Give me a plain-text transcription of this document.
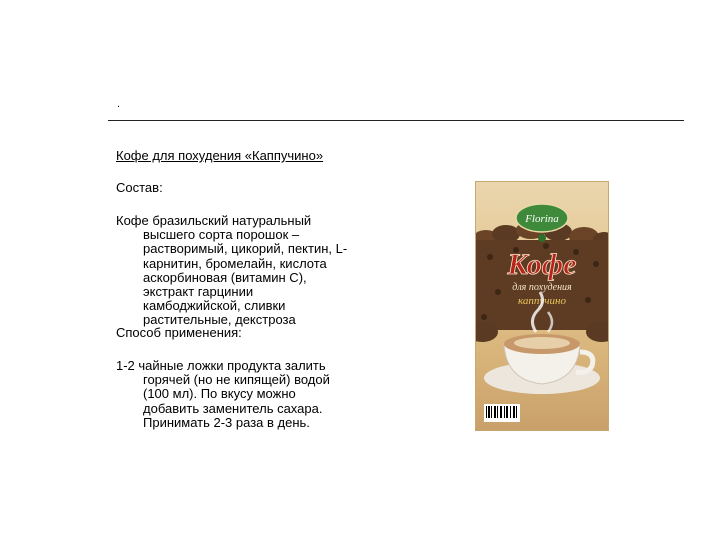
.
Кофе для похудения «Каппучино»
Состав:
Кофе бразильский натуральный
высшего сорта порошок –
растворимый, цикорий, пектин, L-
карнитин, бромелайн, кислота
аскорбиновая (витамин С),
экстракт гарцинии
камбоджийской, сливки
растительные, декстроза
Способ применения:
1-2 чайные ложки продукта залить
горячей (но не кипящей) водой
(100 мл). По вкусу можно
добавить заменитель сахара.
Принимать 2-3 раза в день.
Florina
Кофе
для похудения
каппучино
